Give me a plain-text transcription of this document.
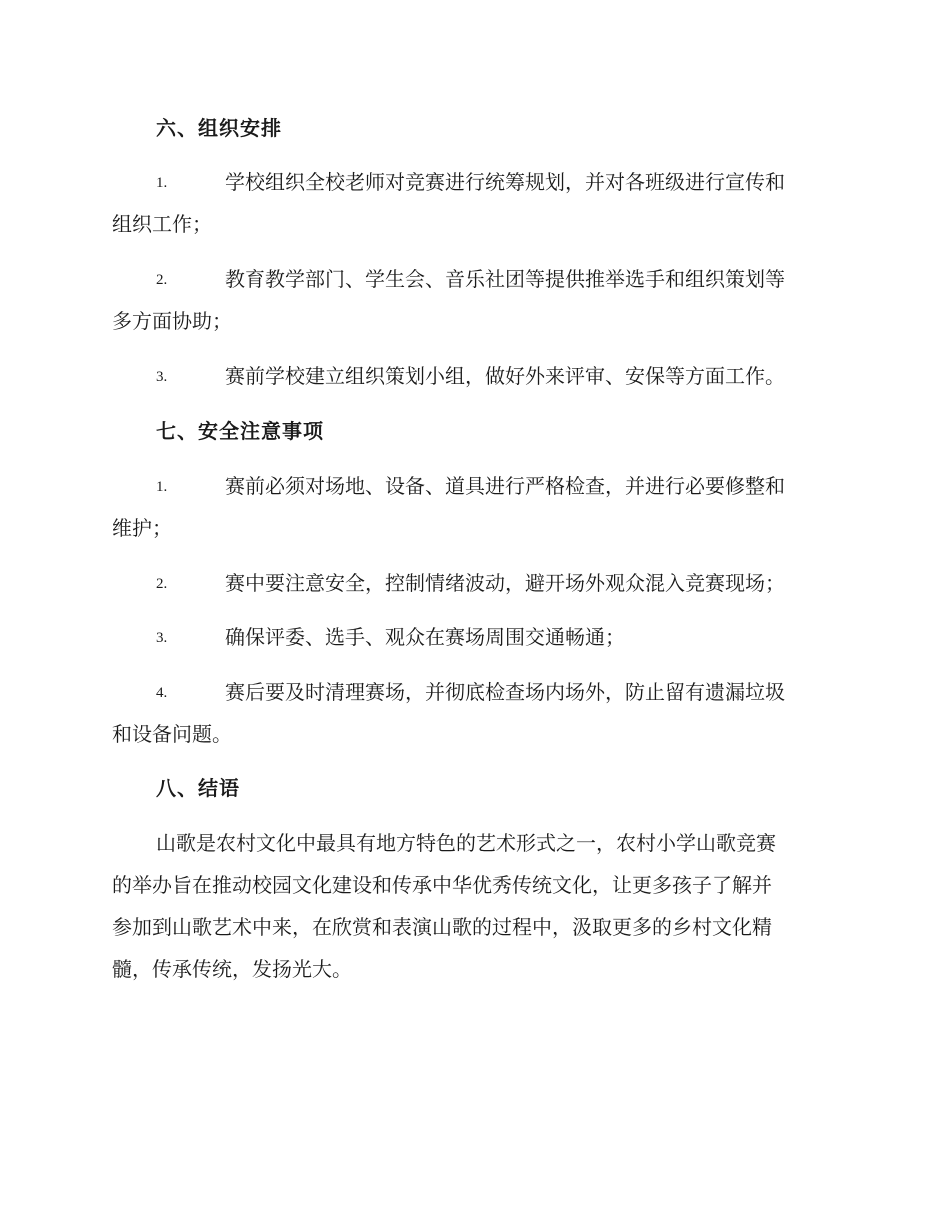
六、组织安排
1.	学校组织全校老师对竞赛进行统筹规划，并对各班级进行宣传和
组织工作；
2.	教育教学部门、学生会、音乐社团等提供推举选手和组织策划等
多方面协助；
3.	赛前学校建立组织策划小组，做好外来评审、安保等方面工作。
七、安全注意事项
1.	赛前必须对场地、设备、道具进行严格检查，并进行必要修整和
维护；
2.	赛中要注意安全，控制情绪波动，避开场外观众混入竞赛现场；
3.	确保评委、选手、观众在赛场周围交通畅通；
4.	赛后要及时清理赛场，并彻底检查场内场外，防止留有遗漏垃圾
和设备问题。
八、结语
山歌是农村文化中最具有地方特色的艺术形式之一，农村小学山歌竞赛
的举办旨在推动校园文化建设和传承中华优秀传统文化，让更多孩子了解并
参加到山歌艺术中来，在欣赏和表演山歌的过程中，汲取更多的乡村文化精
髓，传承传统，发扬光大。
